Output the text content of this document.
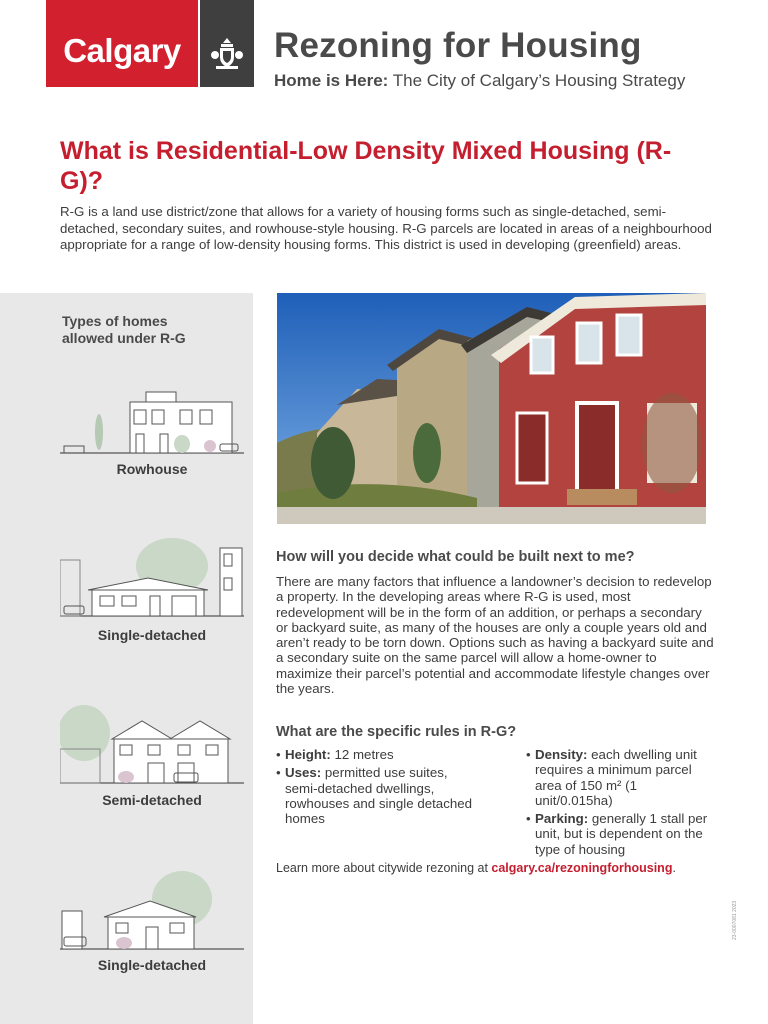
Calgary	Rezoning for Housing
Home is Here: The City of Calgary’s Housing Strategy
What is Residential-Low Density Mixed Housing (R-G)?
R-G is a land use district/zone that allows for a variety of housing forms such as single-detached, semi-detached, secondary suites, and rowhouse-style housing. R-G parcels are located in areas of a neighbourhood appropriate for a range of low-density housing forms. This district is used in developing (greenfield) areas.
Types of homes allowed under R-G
Rowhouse
Single-detached
Semi-detached
Single-detached
How will you decide what could be built next to me?
There are many factors that influence a landowner’s decision to redevelop a property. In the developing areas where R-G is used, most redevelopment will be in the form of an addition, or perhaps a secondary or backyard suite, as many of the houses are only a couple years old and aren’t ready to be torn down. Options such as having a backyard suite and a secondary suite on the same parcel will allow a home-owner to maximize their parcel’s potential and accommodate lifestyle changes over the years.
What are the specific rules in R-G?
• Height: 12 metres
• Uses: permitted use suites, semi-detached dwellings, rowhouses and single detached homes
• Density: each dwelling unit requires a minimum parcel area of 150 m² (1 unit/0.015ha)
• Parking: generally 1 stall per unit, but is dependent on the type of housing
Learn more about citywide rezoning at calgary.ca/rezoningforhousing.
23-0007081 2023
